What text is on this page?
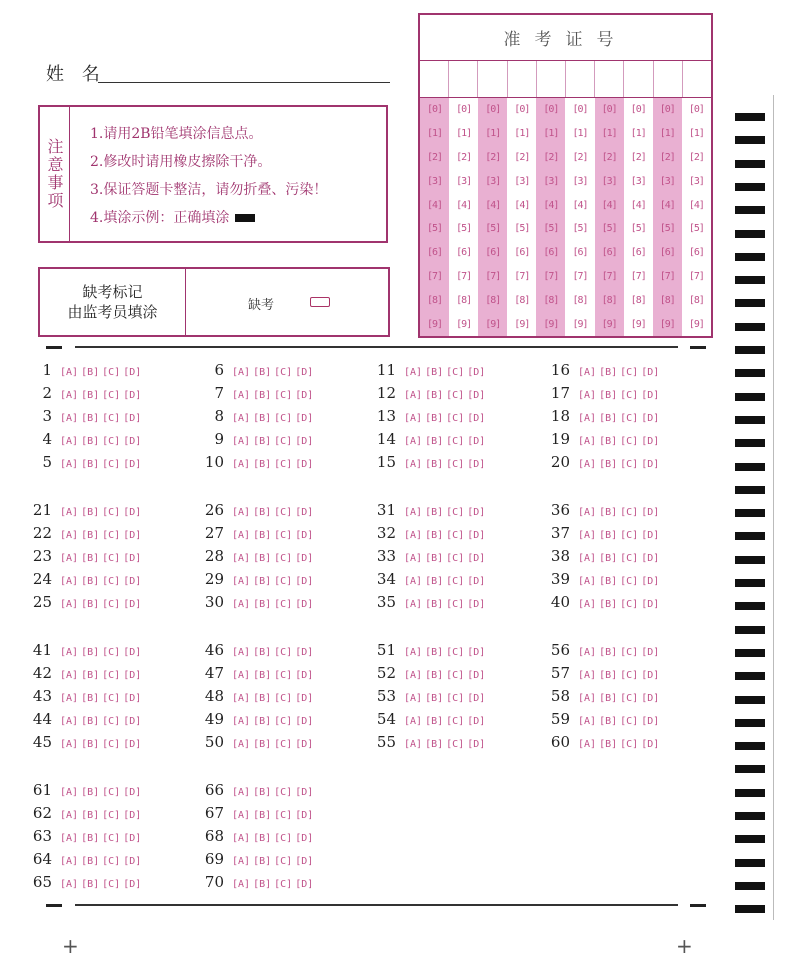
姓 名
注意事项
1.请用2B铅笔填涂信息点。
2.修改时请用橡皮擦除干净。
3.保证答题卡整洁，请勿折叠、污染！
4.填涂示例：正确填涂
缺考标记
由监考员填涂	缺考
准考证号
[0]
[1]
[2]
[3]
[4]
[5]
[6]
[7]
[8]
[9]
[0]
[1]
[2]
[3]
[4]
[5]
[6]
[7]
[8]
[9]
[0]
[1]
[2]
[3]
[4]
[5]
[6]
[7]
[8]
[9]
[0]
[1]
[2]
[3]
[4]
[5]
[6]
[7]
[8]
[9]
[0]
[1]
[2]
[3]
[4]
[5]
[6]
[7]
[8]
[9]
[0]
[1]
[2]
[3]
[4]
[5]
[6]
[7]
[8]
[9]
[0]
[1]
[2]
[3]
[4]
[5]
[6]
[7]
[8]
[9]
[0]
[1]
[2]
[3]
[4]
[5]
[6]
[7]
[8]
[9]
[0]
[1]
[2]
[3]
[4]
[5]
[6]
[7]
[8]
[9]
[0]
[1]
[2]
[3]
[4]
[5]
[6]
[7]
[8]
[9]
1 [A] [B] [C] [D]
2 [A] [B] [C] [D]
3 [A] [B] [C] [D]
4 [A] [B] [C] [D]
5 [A] [B] [C] [D]
6 [A] [B] [C] [D]
7 [A] [B] [C] [D]
8 [A] [B] [C] [D]
9 [A] [B] [C] [D]
10 [A] [B] [C] [D]
11 [A] [B] [C] [D]
12 [A] [B] [C] [D]
13 [A] [B] [C] [D]
14 [A] [B] [C] [D]
15 [A] [B] [C] [D]
16 [A] [B] [C] [D]
17 [A] [B] [C] [D]
18 [A] [B] [C] [D]
19 [A] [B] [C] [D]
20 [A] [B] [C] [D]
21 [A] [B] [C] [D]
22 [A] [B] [C] [D]
23 [A] [B] [C] [D]
24 [A] [B] [C] [D]
25 [A] [B] [C] [D]
26 [A] [B] [C] [D]
27 [A] [B] [C] [D]
28 [A] [B] [C] [D]
29 [A] [B] [C] [D]
30 [A] [B] [C] [D]
31 [A] [B] [C] [D]
32 [A] [B] [C] [D]
33 [A] [B] [C] [D]
34 [A] [B] [C] [D]
35 [A] [B] [C] [D]
36 [A] [B] [C] [D]
37 [A] [B] [C] [D]
38 [A] [B] [C] [D]
39 [A] [B] [C] [D]
40 [A] [B] [C] [D]
41 [A] [B] [C] [D]
42 [A] [B] [C] [D]
43 [A] [B] [C] [D]
44 [A] [B] [C] [D]
45 [A] [B] [C] [D]
46 [A] [B] [C] [D]
47 [A] [B] [C] [D]
48 [A] [B] [C] [D]
49 [A] [B] [C] [D]
50 [A] [B] [C] [D]
51 [A] [B] [C] [D]
52 [A] [B] [C] [D]
53 [A] [B] [C] [D]
54 [A] [B] [C] [D]
55 [A] [B] [C] [D]
56 [A] [B] [C] [D]
57 [A] [B] [C] [D]
58 [A] [B] [C] [D]
59 [A] [B] [C] [D]
60 [A] [B] [C] [D]
61 [A] [B] [C] [D]
62 [A] [B] [C] [D]
63 [A] [B] [C] [D]
64 [A] [B] [C] [D]
65 [A] [B] [C] [D]
66 [A] [B] [C] [D]
67 [A] [B] [C] [D]
68 [A] [B] [C] [D]
69 [A] [B] [C] [D]
70 [A] [B] [C] [D]
+	+
